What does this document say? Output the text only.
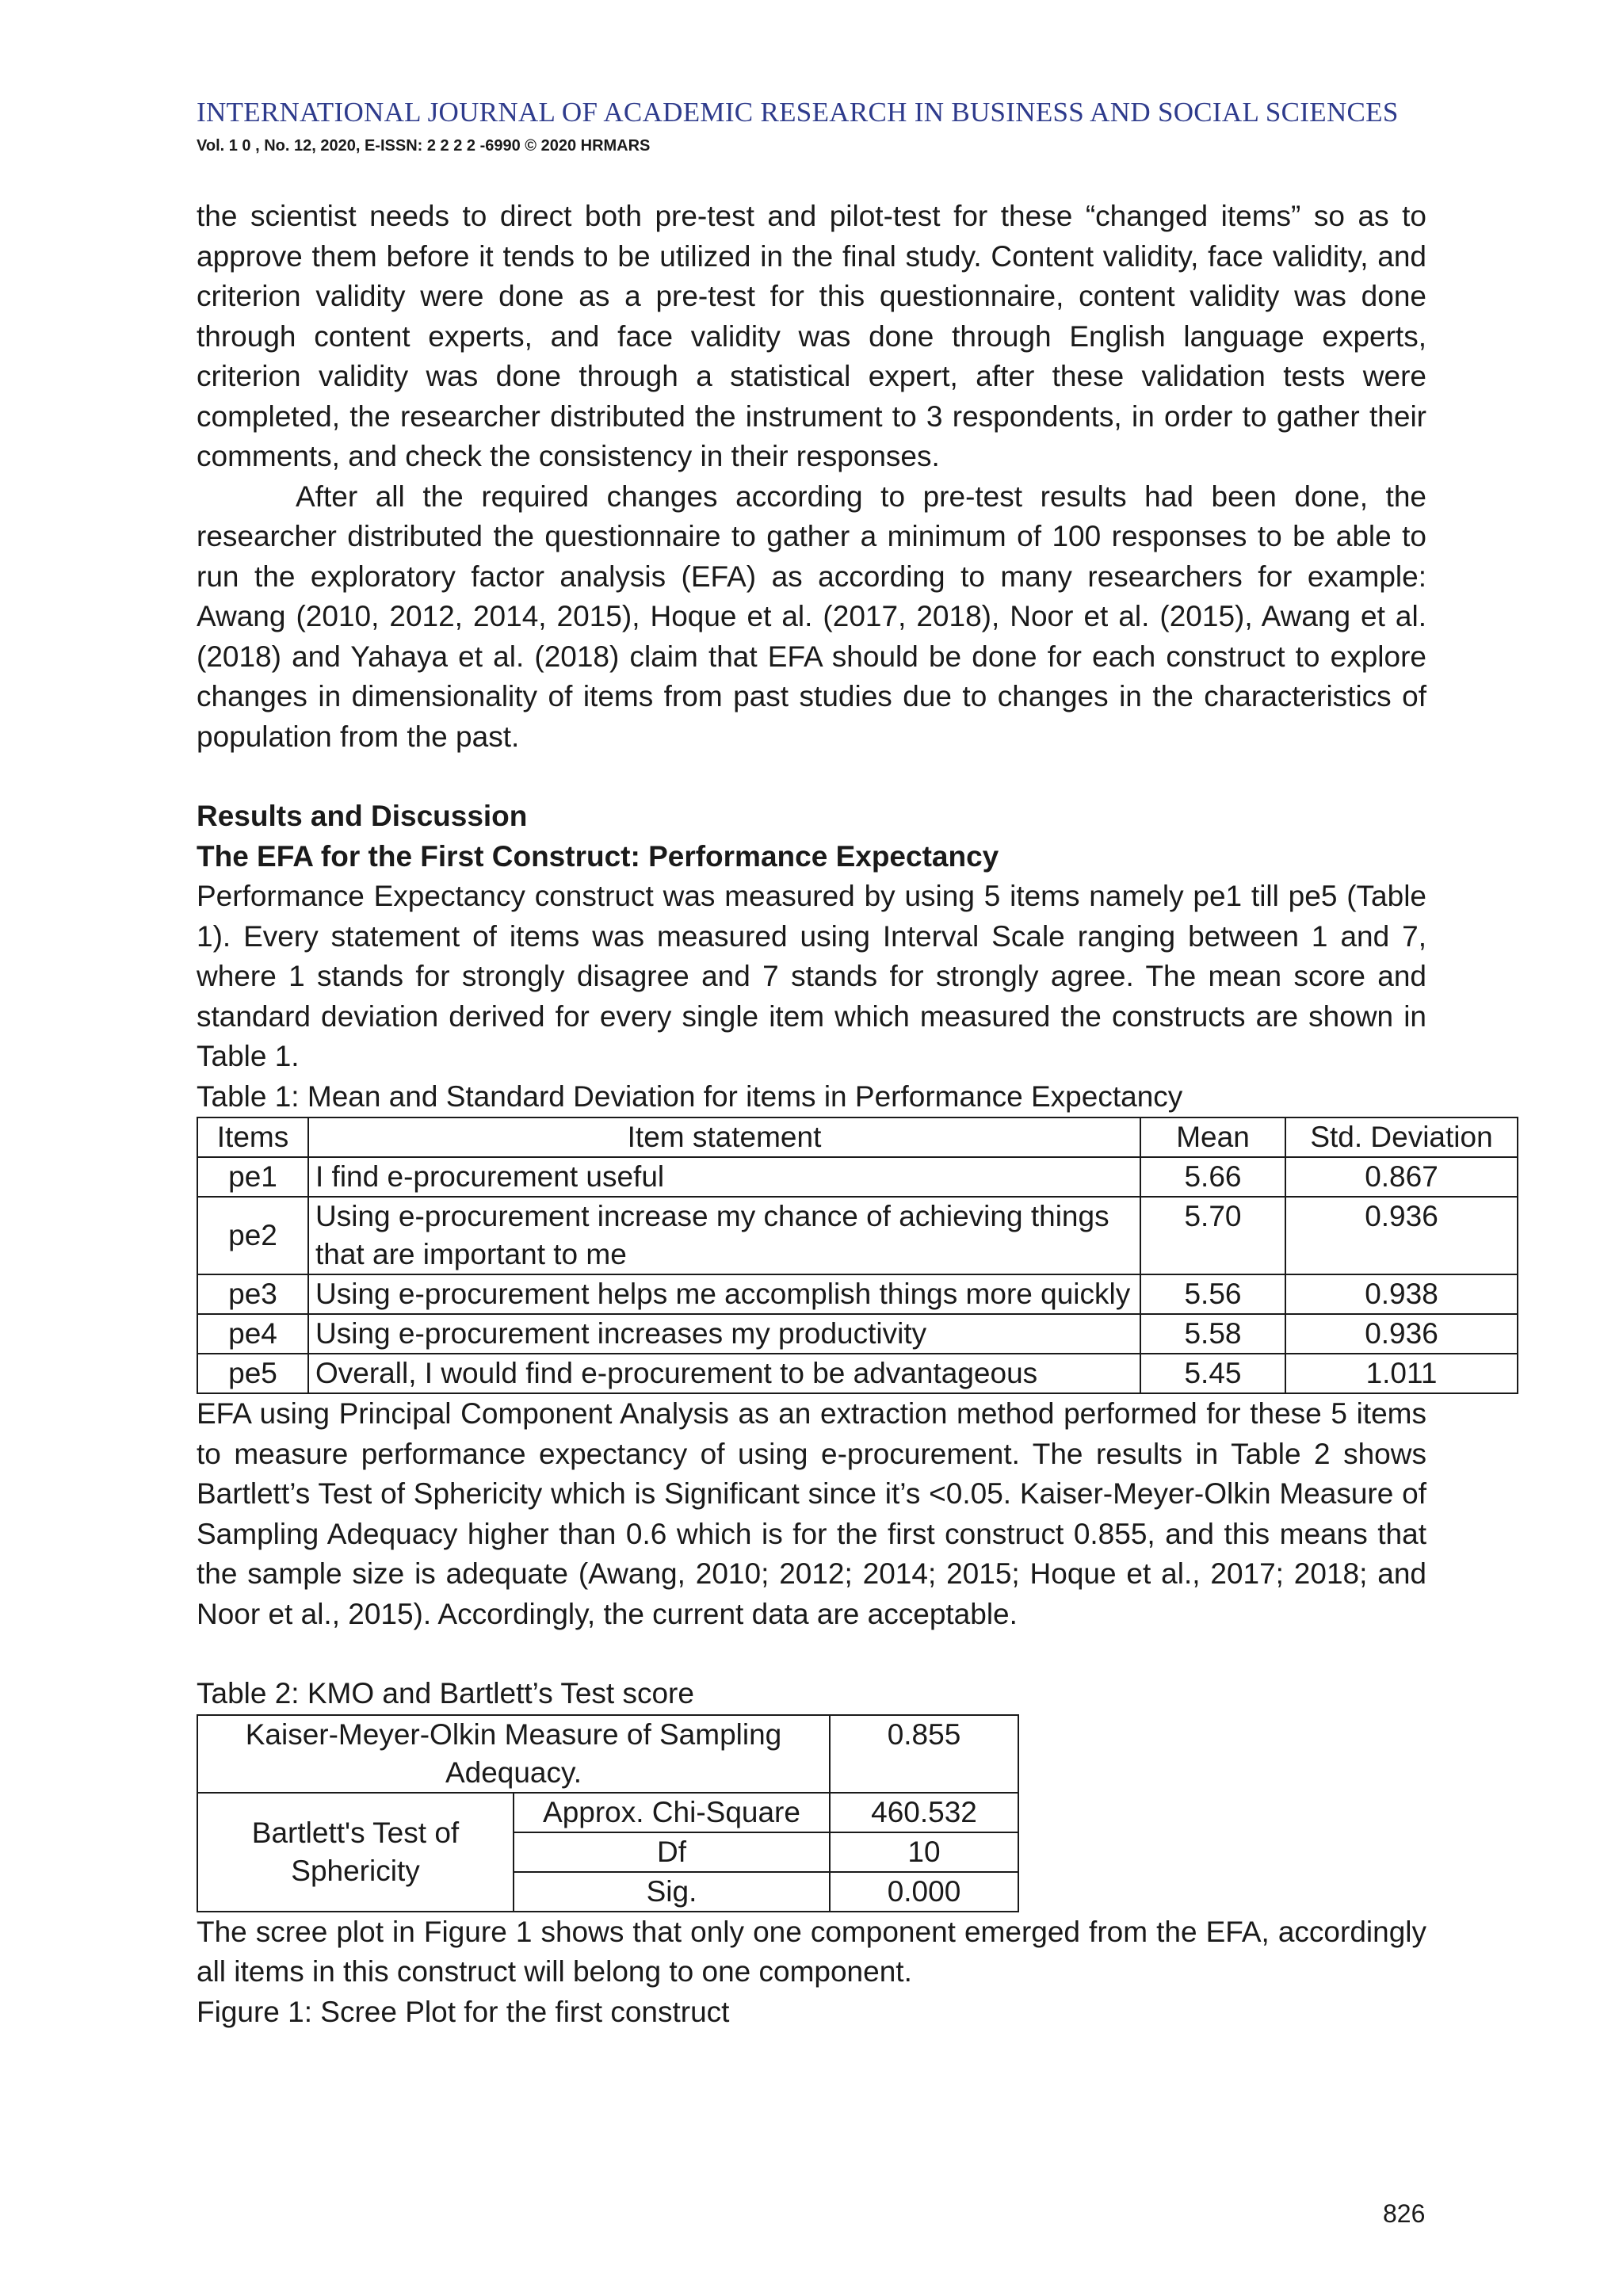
INTERNATIONAL JOURNAL OF ACADEMIC RESEARCH IN BUSINESS AND SOCIAL SCIENCES
Vol. 1 0 , No. 12, 2020, E-ISSN: 2 2 2 2 -6990 © 2020 HRMARS

the scientist needs to direct both pre-test and pilot-test for these “changed items” so as to approve them before it tends to be utilized in the final study. Content validity, face validity, and criterion validity were done as a pre-test for this questionnaire, content validity was done through content experts, and face validity was done through English language experts, criterion validity was done through a statistical expert, after these validation tests were completed, the researcher distributed the instrument to 3 respondents, in order to gather their comments, and check the consistency in their responses.

After all the required changes according to pre-test results had been done, the researcher distributed the questionnaire to gather a minimum of 100 responses to be able to run the exploratory factor analysis (EFA) as according to many researchers for example: Awang (2010, 2012, 2014, 2015), Hoque et al. (2017, 2018), Noor et al. (2015), Awang et al. (2018) and Yahaya et al. (2018) claim that EFA should be done for each construct to explore changes in dimensionality of items from past studies due to changes in the characteristics of population from the past.

Results and Discussion
The EFA for the First Construct: Performance Expectancy

Performance Expectancy construct was measured by using 5 items namely pe1 till pe5 (Table 1). Every statement of items was measured using Interval Scale ranging between 1 and 7, where 1 stands for strongly disagree and 7 stands for strongly agree. The mean score and standard deviation derived for every single item which measured the constructs are shown in Table 1.

Table 1: Mean and Standard Deviation for items in Performance Expectancy
Items	Item statement	Mean	Std. Deviation
pe1	I find e-procurement useful	5.66	0.867
pe2	Using e-procurement increase my chance of achieving things that are important to me	5.70	0.936
pe3	Using e-procurement helps me accomplish things more quickly	5.56	0.938
pe4	Using e-procurement increases my productivity	5.58	0.936
pe5	Overall, I would find e-procurement to be advantageous	5.45	1.011

EFA using Principal Component Analysis as an extraction method performed for these 5 items to measure performance expectancy of using e-procurement. The results in Table 2 shows Bartlett’s Test of Sphericity which is Significant since it’s <0.05. Kaiser-Meyer-Olkin Measure of Sampling Adequacy higher than 0.6 which is for the first construct 0.855, and this means that the sample size is adequate (Awang, 2010; 2012; 2014; 2015; Hoque et al., 2017; 2018; and Noor et al., 2015). Accordingly, the current data are acceptable.

Table 2: KMO and Bartlett’s Test score
Kaiser-Meyer-Olkin Measure of Sampling Adequacy.		0.855
Bartlett's Test of Sphericity	Approx. Chi-Square	460.532
	Df	10
	Sig.	0.000

The scree plot in Figure 1 shows that only one component emerged from the EFA, accordingly all items in this construct will belong to one component.

Figure 1: Scree Plot for the first construct
826
